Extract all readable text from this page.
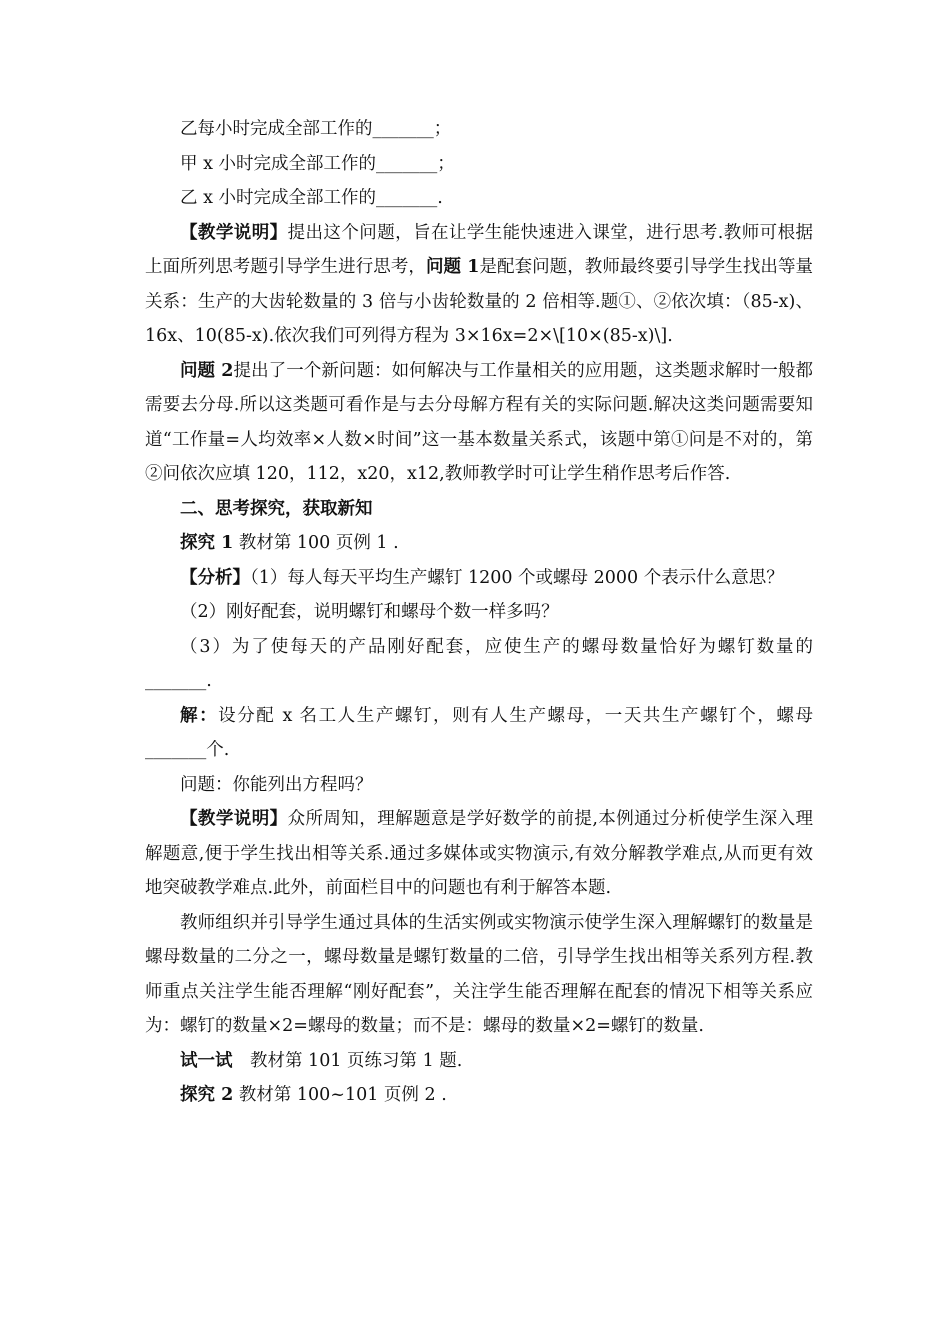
乙每小时完成全部工作的_______；

甲 x 小时完成全部工作的_______；

乙 x 小时完成全部工作的_______.

【教学说明】提出这个问题，旨在让学生能快速进入课堂，进行思考.教师可根据上面所列思考题引导学生进行思考，问题 1是配套问题，教师最终要引导学生找出等量关系：生产的大齿轮数量的 3 倍与小齿轮数量的 2 倍相等.题①、②依次填：（85-x)、16x、10(85-x).依次我们可列得方程为 3×16x=2×\[10×(85-x)\].

问题 2提出了一个新问题：如何解决与工作量相关的应用题，这类题求解时一般都需要去分母.所以这类题可看作是与去分母解方程有关的实际问题.解决这类问题需要知道“工作量=人均效率×人数×时间”这一基本数量关系式，该题中第①问是不对的，第②问依次应填 120，112，x20，x12,教师教学时可让学生稍作思考后作答.

二、思考探究，获取新知

探究 1 教材第 100 页例 1 .

【分析】（1）每人每天平均生产螺钉 1200 个或螺母 2000 个表示什么意思？

（2）刚好配套，说明螺钉和螺母个数一样多吗？

（3）为了使每天的产品刚好配套，应使生产的螺母数量恰好为螺钉数量的_______.

解：设分配 x 名工人生产螺钉，则有人生产螺母，一天共生产螺钉个，螺母_______个.

问题：你能列出方程吗？

【教学说明】众所周知，理解题意是学好数学的前提,本例通过分析使学生深入理解题意,便于学生找出相等关系.通过多媒体或实物演示,有效分解教学难点,从而更有效地突破教学难点.此外，前面栏目中的问题也有利于解答本题.

教师组织并引导学生通过具体的生活实例或实物演示使学生深入理解螺钉的数量是螺母数量的二分之一，螺母数量是螺钉数量的二倍，引导学生找出相等关系列方程.教师重点关注学生能否理解“刚好配套”，关注学生能否理解在配套的情况下相等关系应为：螺钉的数量×2=螺母的数量；而不是：螺母的数量×2=螺钉的数量.

试一试　教材第 101 页练习第 1 题.

探究 2 教材第 100~101 页例 2 .
